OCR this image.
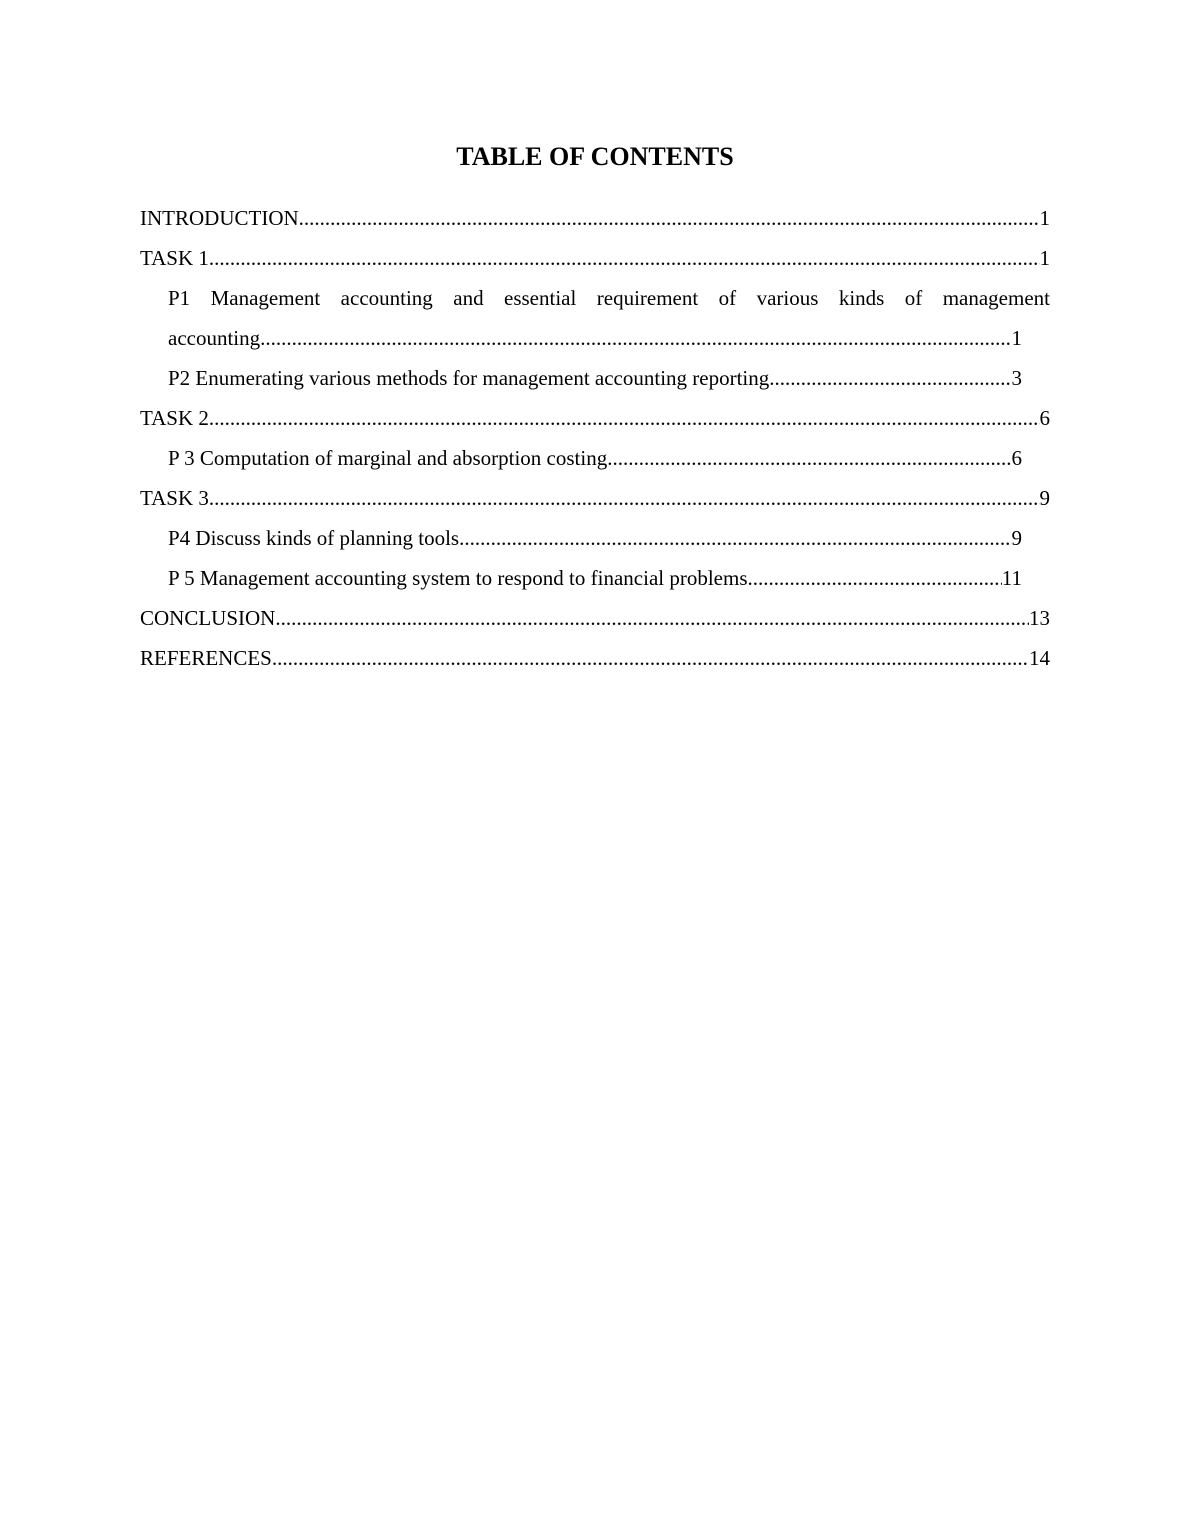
TABLE OF CONTENTS
INTRODUCTION .....	1
TASK 1 .....	1
P1 Management accounting and essential requirement of various kinds of management
accounting .....	1
P2 Enumerating various methods for management accounting reporting .....	3
TASK 2 .....	6
P 3 Computation of marginal and absorption costing .....	6
TASK 3 .....	9
P4 Discuss kinds of planning tools .....	9
P 5 Management accounting system to respond to financial problems .....	11
CONCLUSION .....	13
REFERENCES .....	14
